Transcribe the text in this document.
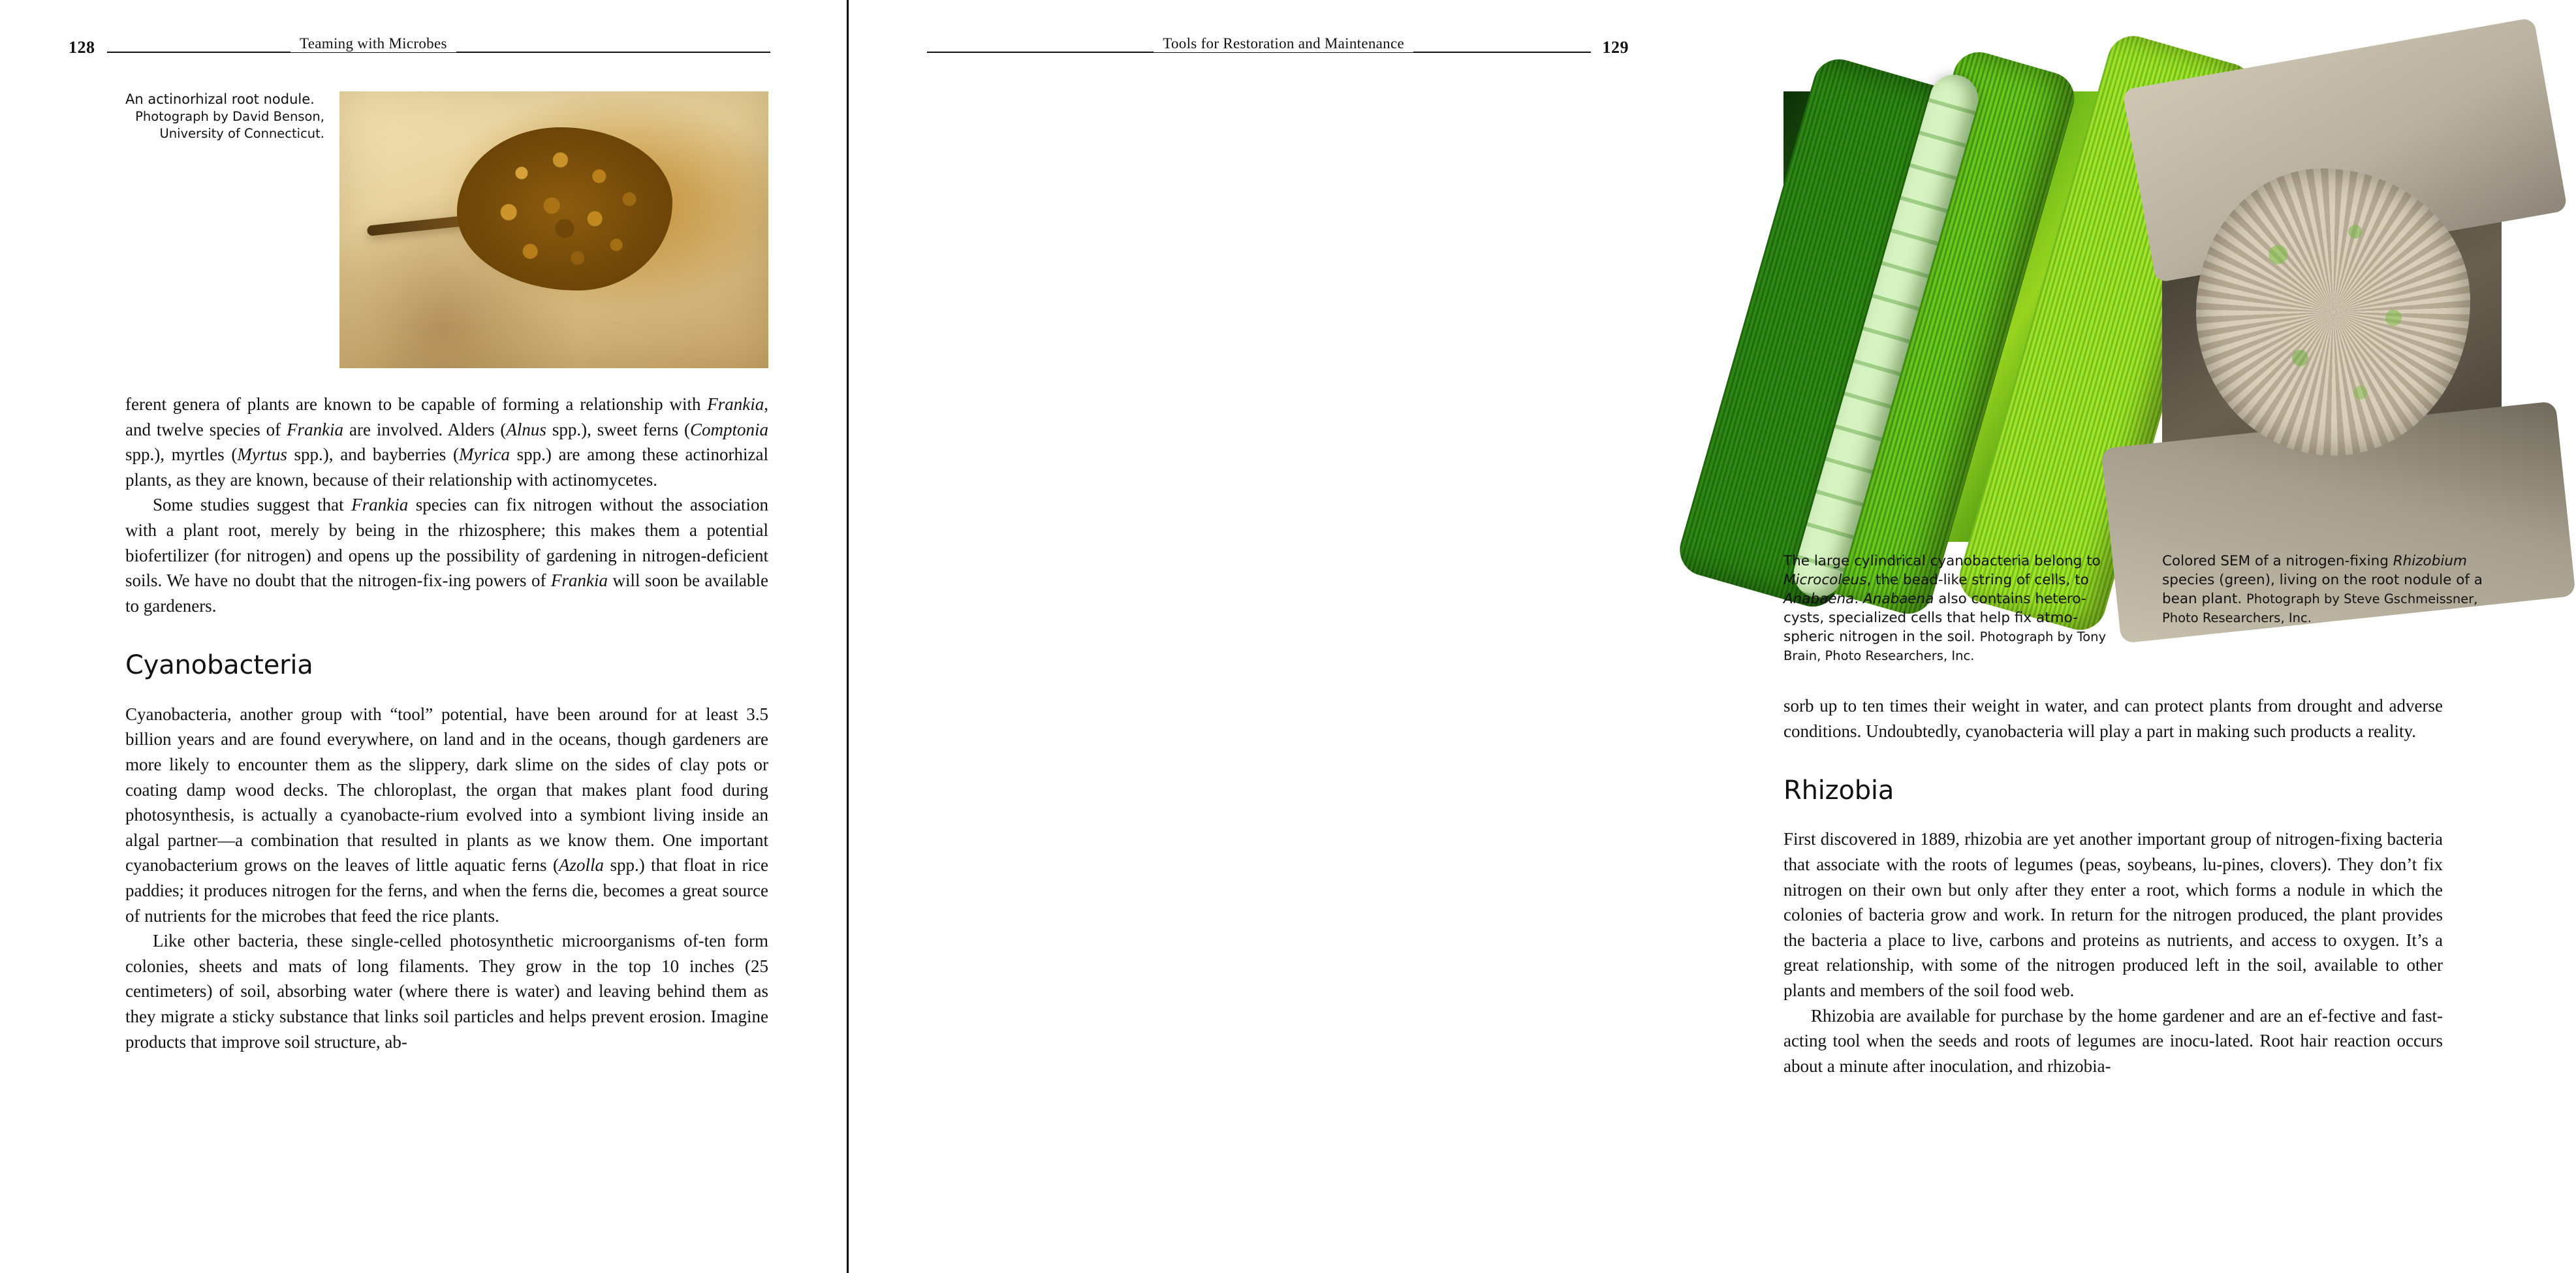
128	Teaming with Microbes
An actinorhizal root nodule.
Photograph by David Benson,
University of Connecticut.

ferent genera of plants are known to be capable of forming a relationship with Frankia, and twelve species of Frankia are involved. Alders (Alnus spp.), sweet ferns (Comptonia spp.), myrtles (Myrtus spp.), and bayberries (Myrica spp.) are among these actinorhizal plants, as they are known, because of their relationship with actinomycetes.

Some studies suggest that Frankia species can fix nitrogen without the association with a plant root, merely by being in the rhizosphere; this makes them a potential biofertilizer (for nitrogen) and opens up the possibility of gardening in nitrogen-deficient soils. We have no doubt that the nitrogen-fix-ing powers of Frankia will soon be available to gardeners.

Cyanobacteria

Cyanobacteria, another group with “tool” potential, have been around for at least 3.5 billion years and are found everywhere, on land and in the oceans, though gardeners are more likely to encounter them as the slippery, dark slime on the sides of clay pots or coating damp wood decks. The chloroplast, the organ that makes plant food during photosynthesis, is actually a cyanobacte-rium evolved into a symbiont living inside an algal partner—a combination that resulted in plants as we know them. One important cyanobacterium grows on the leaves of little aquatic ferns (Azolla spp.) that float in rice paddies; it produces nitrogen for the ferns, and when the ferns die, becomes a great source of nutrients for the microbes that feed the rice plants.

Like other bacteria, these single-celled photosynthetic microorganisms of-ten form colonies, sheets and mats of long filaments. They grow in the top 10 inches (25 centimeters) of soil, absorbing water (where there is water) and leaving behind them as they migrate a sticky substance that links soil particles and helps prevent erosion. Imagine products that improve soil structure, ab-

129
Tools for Restoration and Maintenance
The large cylindrical cyanobacteria belong to Microcoleus, the bead-like string of cells, to Anabaena. Anabaena also contains hetero-cysts, specialized cells that help fix atmo-spheric nitrogen in the soil. Photograph by Tony Brain, Photo Researchers, Inc.
Colored SEM of a nitrogen-fixing Rhizobium species (green), living on the root nodule of a bean plant. Photograph by Steve Gschmeissner, Photo Researchers, Inc.

sorb up to ten times their weight in water, and can protect plants from drought and adverse conditions. Undoubtedly, cyanobacteria will play a part in making such products a reality.

Rhizobia

First discovered in 1889, rhizobia are yet another important group of nitrogen-fixing bacteria that associate with the roots of legumes (peas, soybeans, lu-pines, clovers). They don’t fix nitrogen on their own but only after they enter a root, which forms a nodule in which the colonies of bacteria grow and work. In return for the nitrogen produced, the plant provides the bacteria a place to live, carbons and proteins as nutrients, and access to oxygen. It’s a great relationship, with some of the nitrogen produced left in the soil, available to other plants and members of the soil food web.

Rhizobia are available for purchase by the home gardener and are an ef-fective and fast-acting tool when the seeds and roots of legumes are inocu-lated. Root hair reaction occurs about a minute after inoculation, and rhizobia-
